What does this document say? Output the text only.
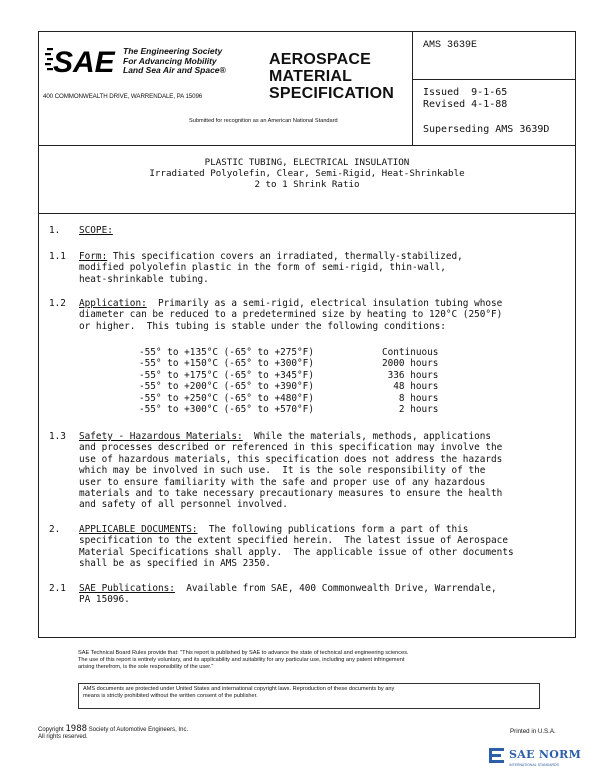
SAE The Engineering Society
For Advancing Mobility
Land Sea Air and Space®
400 COMMONWEALTH DRIVE, WARRENDALE, PA 15096
AEROSPACE
MATERIAL
SPECIFICATION
Submitted for recognition as an American National Standard
AMS 3639E
Issued  9-1-65
Revised 4-1-88
Superseding AMS 3639D
PLASTIC TUBING, ELECTRICAL INSULATION
Irradiated Polyolefin, Clear, Semi-Rigid, Heat-Shrinkable
2 to 1 Shrink Ratio
1. SCOPE:
1.1 Form: This specification covers an irradiated, thermally-stabilized,
modified polyolefin plastic in the form of semi-rigid, thin-wall,
heat-shrinkable tubing.
1.2 Application:  Primarily as a semi-rigid, electrical insulation tubing whose
diameter can be reduced to a predetermined size by heating to 120°C (250°F)
or higher.  This tubing is stable under the following conditions:
-55° to +135°C (-65° to +275°F)	Continuous
-55° to +150°C (-65° to +300°F)	2000 hours
-55° to +175°C (-65° to +345°F)	336 hours
-55° to +200°C (-65° to +390°F)	48 hours
-55° to +250°C (-65° to +480°F)	8 hours
-55° to +300°C (-65° to +570°F)	2 hours
1.3 Safety - Hazardous Materials:  While the materials, methods, applications
and processes described or referenced in this specification may involve the
use of hazardous materials, this specification does not address the hazards
which may be involved in such use.  It is the sole responsibility of the
user to ensure familiarity with the safe and proper use of any hazardous
materials and to take necessary precautionary measures to ensure the health
and safety of all personnel involved.
2. APPLICABLE DOCUMENTS:  The following publications form a part of this
specification to the extent specified herein.  The latest issue of Aerospace
Material Specifications shall apply.  The applicable issue of other documents
shall be as specified in AMS 2350.
2.1 SAE Publications:  Available from SAE, 400 Commonwealth Drive, Warrendale,
PA 15096.
SAE Technical Board Rules provide that: "This report is published by SAE to advance the state of technical and engineering sciences.
The use of this report is entirely voluntary, and its applicability and suitability for any particular use, including any patent infringement
arising therefrom, is the sole responsibility of the user."
AMS documents are protected under United States and international copyright laws. Reproduction of these documents by any
means is strictly prohibited without the written consent of the publisher.
Copyright 1988 Society of Automotive Engineers, Inc.
All rights reserved.
Printed in U.S.A.
SAE NORM
INTERNATIONAL STANDARDS
